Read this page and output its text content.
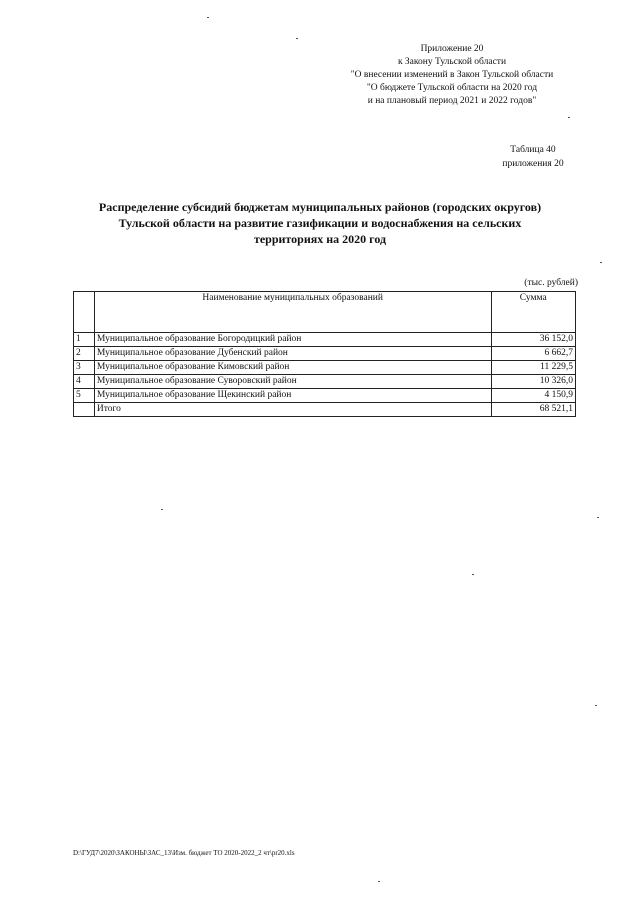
Приложение 20
к Закону Тульской области
"О внесении изменений в Закон Тульской области
"О бюджете Тульской области на 2020 год
и на плановый период 2021 и 2022 годов"
Таблица 40
приложения 20
Распределение субсидий бюджетам муниципальных районов (городских округов)
Тульской области на развитие газификации и водоснабжения на сельских
территориях на 2020 год
(тыс. рублей)
	Наименование муниципальных образований	Сумма
1	Муниципальное образование Богородицкий район	36 152,0
2	Муниципальное образование Дубенский район	6 662,7
3	Муниципальное образование Кимовский район	11 229,5
4	Муниципальное образование Суворовский район	10 326,0
5	Муниципальное образование Щекинский район	4 150,9
	Итого	68 521,1
D:\ГУД7\2020\ЗАКОНЫ\ЗАС_13\Изм. бюджет ТО 2020-2022_2 чт\pr20.xls
